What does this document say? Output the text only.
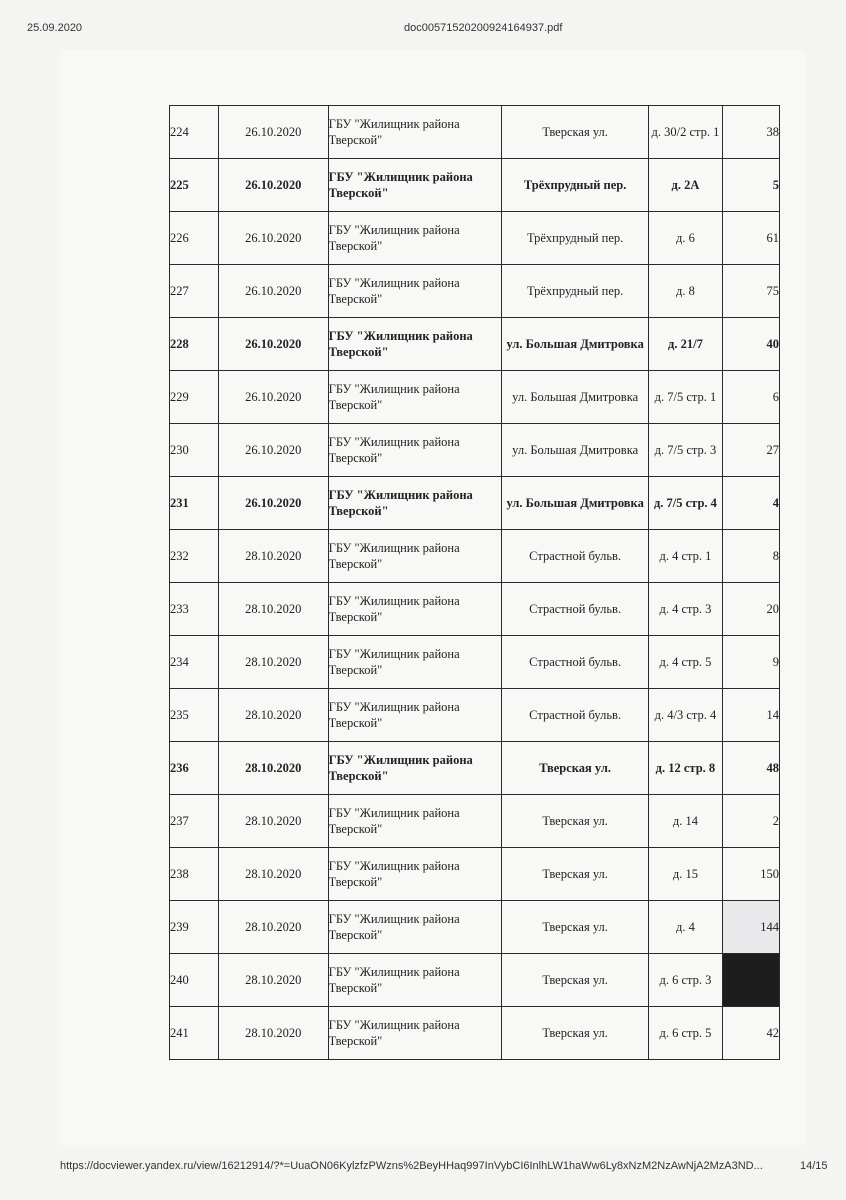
25.09.2020	doc00571520200924164937.pdf
224	26.10.2020	ГБУ "Жилищник района Тверской"	Тверская ул.	д. 30/2 стр. 1	38
225	26.10.2020	ГБУ "Жилищник района Тверской"	Трёхпрудный пер.	д. 2А	5
226	26.10.2020	ГБУ "Жилищник района Тверской"	Трёхпрудный пер.	д. 6	61
227	26.10.2020	ГБУ "Жилищник района Тверской"	Трёхпрудный пер.	д. 8	75
228	26.10.2020	ГБУ "Жилищник района Тверской"	ул. Большая Дмитровка	д. 21/7	40
229	26.10.2020	ГБУ "Жилищник района Тверской"	ул. Большая Дмитровка	д. 7/5 стр. 1	6
230	26.10.2020	ГБУ "Жилищник района Тверской"	ул. Большая Дмитровка	д. 7/5 стр. 3	27
231	26.10.2020	ГБУ "Жилищник района Тверской"	ул. Большая Дмитровка	д. 7/5 стр. 4	4
232	28.10.2020	ГБУ "Жилищник района Тверской"	Страстной бульв.	д. 4 стр. 1	8
233	28.10.2020	ГБУ "Жилищник района Тверской"	Страстной бульв.	д. 4 стр. 3	20
234	28.10.2020	ГБУ "Жилищник района Тверской"	Страстной бульв.	д. 4 стр. 5	9
235	28.10.2020	ГБУ "Жилищник района Тверской"	Страстной бульв.	д. 4/3 стр. 4	14
236	28.10.2020	ГБУ "Жилищник района Тверской"	Тверская ул.	д. 12 стр. 8	48
237	28.10.2020	ГБУ "Жилищник района Тверской"	Тверская ул.	д. 14	2
238	28.10.2020	ГБУ "Жилищник района Тверской"	Тверская ул.	д. 15	150
239	28.10.2020	ГБУ "Жилищник района Тверской"	Тверская ул.	д. 4	144
240	28.10.2020	ГБУ "Жилищник района Тверской"	Тверская ул.	д. 6 стр. 3	
241	28.10.2020	ГБУ "Жилищник района Тверской"	Тверская ул.	д. 6 стр. 5	42
https://docviewer.yandex.ru/view/16212914/?*=UuaON06KylzfzPWzns%2BeyHHaq997InVybCI6InlhLW1haWw6Ly8xNzM2NzAwNjA2MzA3ND...	14/15
